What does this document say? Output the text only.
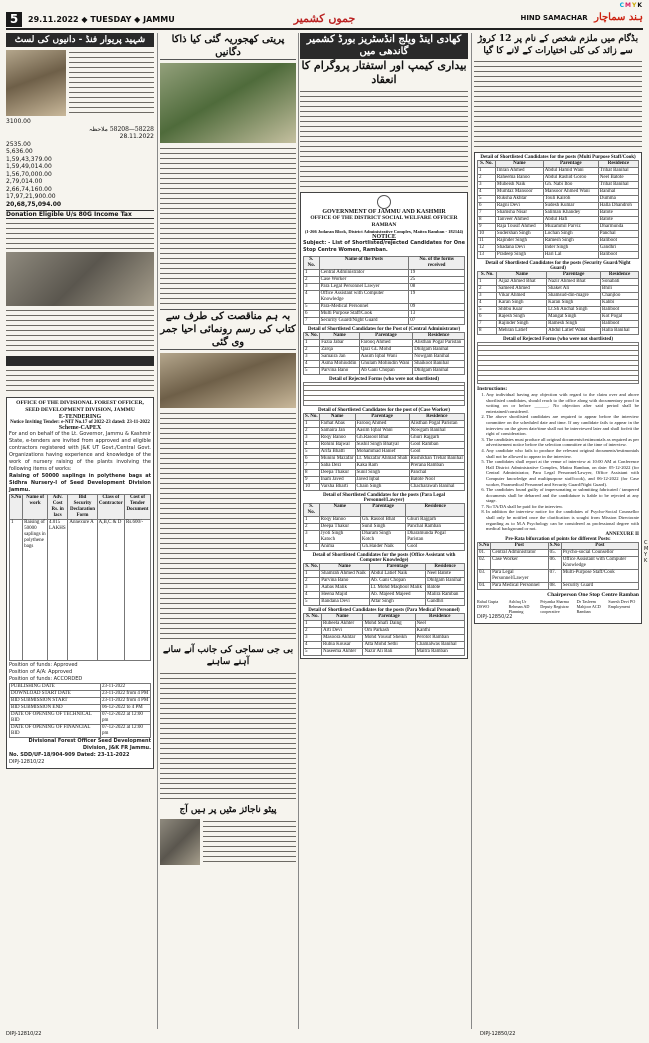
CMYK
5	29.11.2022 ◆ TUESDAY ◆ JAMMU	جموں کشمیر	HIND SAMACHAR ہند سماچار
شہید پریوار فنڈ - دانیوں کی لسٹ
3100.00
58228—58208 ملاحظہ
28.11.2022
2535.00
5,636.00
1,59,43,379.00
1,59,49,014.00
1,56,70,000.00
2,79,014.00
2,66,74,160.00
17,97,21,900.00
20,68,75,094.00
Donation Eligible U/s 80G Income Tax
OFFICE OF THE DIVISIONAL FOREST OFFICER, SEED DEVELOPMENT DIVISION, JAMMU
E-TENDERING
Notice Inviting Tender: e-NIT No.17 of 2022-23 dated: 23-11-2022
Scheme-CAPEX
For and on behalf of the Lt. Governor, Jammu & Kashmir State, e-tenders are invited from approved and eligible contractors registered with J&K UT Govt./Central Govt. Organizations having experience and knowledge of the work of nursery raising of the plants involving the following items of works:
Raising of 50000 saplings in polythene bags at Sidhra Nursery-I of Seed Development Division Jammu.
S.No	Name of work	Adv. Cost Rs. in lacs	Bid Security Declaration Form	Class of Contractor	Cost of Tender Document
1	Raising of 50000 saplings in polythene bags	4.015 LAKHS	Annexure A	A,B,C & D	Rs.600/-
Position of funds: Approved
Position of A/A: Approved
Position of funds: ACCORDED
PUBLISHING DATE	23-11-2022
DOWNLOAD START DATE	23-11-2022 from 4 PM
BID SUBMISSION START	23-11-2022 from 4 PM
BID SUBMISSION END	06-12-2022 to 4 PM
DATE OF OPENING OF TECHNICAL BID	07-12-2022 at 12:00 pm
DATE OF OPENING OF FINANCIAL BID	07-12-2022 at 12:00 pm
Divisional Forest Officer Seed Development Division, J&K FR Jammu.
No. SDD/UF-18/904-909 Dated: 23-11-2022
DIPJ-12810/22
پریتی کھجوریہ گئی کیا ذاکا دگانیں
بہ ہم مناقصت کی طرف سے کتاب کی رسم رونمائی احیا جمر وی گئی
بی جی سماجی کی جانب آنے سانے آہنے ساہنے
پیٹو ناجائز مٹیں پر ہیں آج
کھادی اینڈ ویلج انڈسٹریز بورڈ کشمیر گاندھی میں
بیداری کیمپ اور استفتار پروگرام کا انعقاد
GOVERNMENT OF JAMMU AND KASHMIR
OFFICE OF THE DISTRICT SOCIAL WELFARE OFFICER RAMBAN
(1-266 Jodaran Block, District Administrative Complex, Maitra Ramban - 182144)
NOTICE
Subject: - List of Shortlisted/rejected Candidates for One Stop Centre Women, Ramban.
S. No.	Name of the Posts	No. of the forms received
1	Central Administrator	19
2	Case Worker	25
3	Para Legal Personnel Lawyer	08
4	Office Assistant with Computer Knowledge	19
5	Para-Medical Personnel	09
6	Multi Purpose Staff/Cook	13
7	Security Guard/Night Guard	07
Detail of Shortlisted Candidates for the Post of (Central Administrator)
S. No.	Name	Parentage	Residence
1	Fazia Jabar	Farooq Ahmed	Alisthan Pogal Paristan
2	Zarqa	Qazi GL Mohd	Dhilgam Banihal
3	Samaira Jan	Aasim Iqbal Wani	Nowgam Banihal
4	Asma Mohiuddin	Ghulam Mohiudin Wani	Shaikoot Banihal
5	Parvina Bano	Ab Gani Chopan	Dhilgam Banihal
Detail of Rejected Forms (who were not shortlisted)
Detail of Shortlisted Candidates for the post of (Case Worker)
S. No.	Name	Parentage	Residence
1	Farhat Abas	Farooq Ahmed	Alisthan Pogal Paristan
2	Samaira Jan	Aasim Iqbal Wani	Nowgam Banihal
3	Roqy Banoo	Gh.Rasool Bhat	Ghuri Rajgarh
4	Rohini Bajwal	Sushil Singh Bhatyal	Gool Ramban
5	Arifa Bhatti	Mohammad Hanief	Gool
6	Munini Mazafar	Lt. Muzafar Ahmad Shah	Rushikhan Trehat Banihal
7	Saba Dezi	Kaka Ram	Prerana Ramban
8	Deepa Thakur	Sunil Singh	Panchal
9	Inam Javed	Javed Iqbal	Batote Nool
10	Varsha Bharti	Chain Singh	Chacharawah Banihal
Detail of Shortlisted Candidates for the posts (Para Legal Personnel/Lawyer)
S. No.	Name	Parentage	Residence
1	Roqy Banoo	Gh. Rasool Bhat	Ghuri Rajgarh
2	Deepa Thakur	Sunil Singh	Panchal Ramban
3	Jyoti Singh Katoch	Dharam Singh Kotch	Dharamunda Pogal Paristan
4	Anima	Gh.Haider Naik	Gool
Detail of Shortlisted Candidates for the posts (Office Assistant with Computer Knowledge)
S. No.	Name	Parentage	Residence
1	Shamrah Ahmed Naik	Abdul Latief Naik	Neel Batote
2	Parvina Bano	Ab. Gani Chopan	Dhilgam Banihal
3	Aabas Malik	Lt. Mohd Maqbool Malik	Batote
4	Heena Majid	Ab. Majeed Majeed	Malira Ramban
5	Bandana Devi	Attar Singh	Gandhri
Detail of Shortlisted Candidates for the posts (Para Medical Personnel)
S. No.	Name	Parentage	Residence
1	Rubeela Akhter	Mohd Shafi Daing	Neel
2	Arti Devi	Om Parkash	Kanthi
3	Masoora Akhtar	Mohd Yousuf Sheikh	Perotot Ramban
4	Rubia Kousar	Atta Mohd Sethi	Chamalwas Banihal
5	Naseema Akhter	Nazir Ali Bali	Maitra Ramban
بڈگام میں ملزم شخص کے نام پر 12 کروڑ سے زائد کی کلی اختیارات کے لانے کا گیا
Detail of Shortlisted Candidates for the posts (Multi Purpose Staff/Cook)
S. No.	Name	Parentage	Residence
1	Imran Ahmed	Abdul Hamid Wani	Trihat Banihal
2	Raheema Banoo	Abdul Rashid Goroo	Neel Batote
3	Mubeish Naik	Gh. Nabi Itoo	Trihat Banihal
4	Mumtaz Mansoor	Mansoor Ahmed Wani	Banihal
5	Ruksha Akhtar	Touli Kairoh	Dumma
6	Ragni Devi	Sudesh Kumar	Halla Dhandroh
7	Shamsha Nisar	Saliman Khandey	Batote
8	Tanveer Ahmed	Abdul Hafi	Batote
9	Raja Tousif Ahmed	Muzammil Parviz	Dharmunda
10	Sudershan Singh	Lochan Singh	Panchal
11	Rajinder Singh	Ramesh Singh	Baliboot
12	Shadana Devi	Inder Singh	Gandhri
13	Pradeep Singh	Hari Lal	Baliboot
Detail of Shortlisted Candidates for the posts (Security Guard/Night Guard)
S. No.	Name	Parentage	Residence
1	Aijaz Ahmed Bhat	Nazir Ahmed Bhat	Sonabati
2	Sameed Ahmed	Shaket Ali	Bhili
3	Vikar Ahmed	Shamsud-din-magre	Chanjloo
4	Karan Singh	Karan Singh	Kahbi
5	Shbbu Kuar	Lt.Sh Anchal Singh	Baliboot
6	Rajesh Singh	Mangat Singh	Kot Pogal
7	Rajinder Singh	Ramesh Singh	Baliboot
8	Mehran Latief	Abdul Latief Wani	Halla Banihal
Detail of Rejected Forms (who were not shortlisted)
Instructions:
1. Any individual having any objection with regard to the claim over and above shortlisted candidates, should reach to the office along with documentary proof in writing on or before ______. No objection after said period shall be entertained/considered.
2. The above shortlisted candidates are required to appear before the interview committee on the scheduled date and time. If any candidate fails to appear in the interview on the given date/time shall not be interviewed later and shall forfeit the right of consideration.
3. The candidates must produce all original documents/testimonials as required as per advertisement notice before the selection committee at the time of interview.
4. Any candidate who fails to produce the relevant original documents/testimonials shall not be allowed to appear in the interview.
5. The candidates shall report at the venue of interview at 10:00 AM at Conference Hall District Administrative Complex, Maitra Ramban, on date: 05-12-2022 (for Central Administrator, Para Legal Personnel/Lawyer, Office Assistant with Computer knowledge and multipurpose staff/cook), and 06-12-2022 (for Case worker, Paramedical Personnel and Security Guard/Night Guard).
6. The candidates found guilty of impersonating or submitting fabricated / tampered documents shall be debarred and the candidature is liable to be rejected at any stage.
7. No TA/DA shall be paid for the interview.
8. In addition the interview notice for the candidates of Psycho-Social Counsellor shall only be notified once the clarification is sought from Mission Directorate regarding as to M.A Psychology can be considered as professional degree with medical background or not.
ANNEXURE II
Pre-Rata bifurcation of points for different Posts:
S.No	Post	S.No	Post
01.	Central Administrator	05.	Psycho-social Counsellor
02.	Case Worker	06.	Office Assistant with Computer Knowledge
03.	Para Legal Personnel/Lawyer	07.	Multi-Purpose Staff/Cook
04.	Para Medical Personnel	08.	Security Guard
Chairperson One Stop Centre Ramban
Rahul Gupta DSWO
Ashfaq Ur Rehman AD Planning
Priyanka Sharma Deputy Registrar cooperative
Dr Tasleem Mahjoor ACD Ramban
Suresh Devi PO Employment
DIPJ-12850/22
CMYK
DIPJ-12810/22	DIPJ-12850/22
